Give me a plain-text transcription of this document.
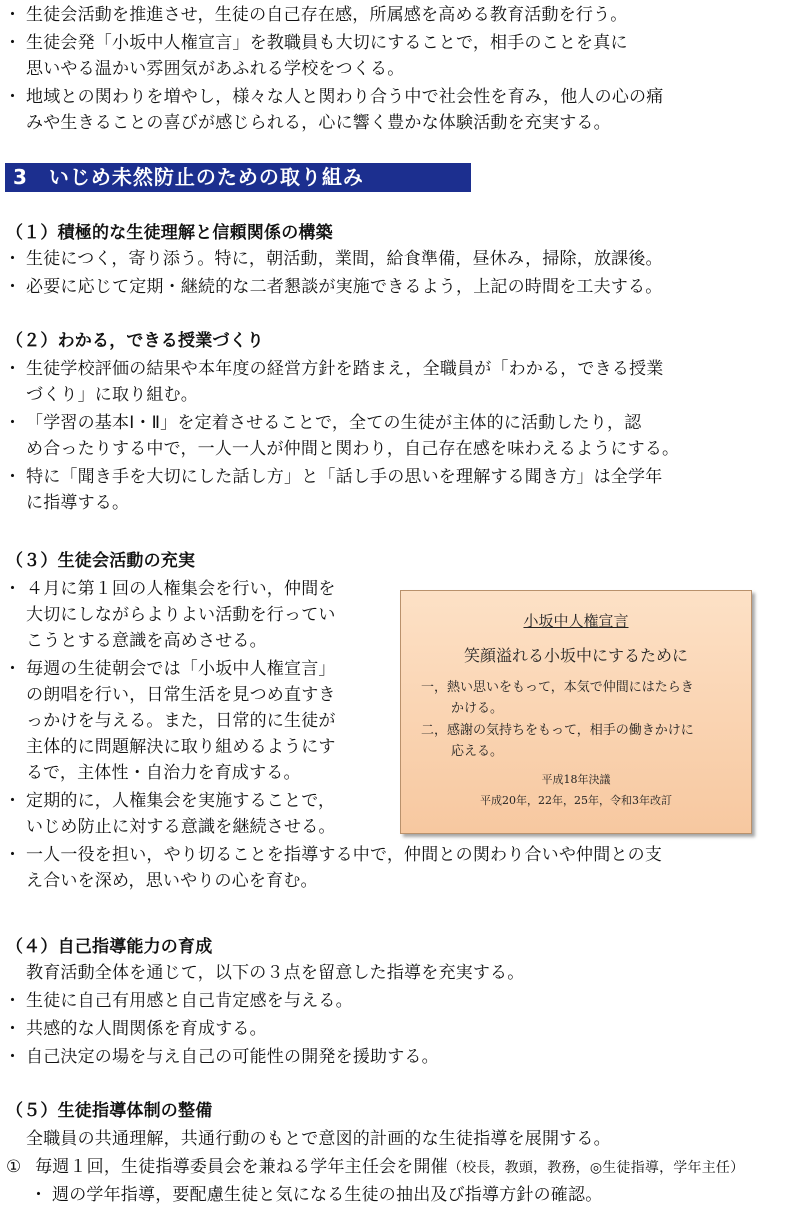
・ 生徒会活動を推進させ，生徒の自己存在感，所属感を高める教育活動を行う。
・ 生徒会発「小坂中人権宣言」を教職員も大切にすることで，相手のことを真に
思いやる温かい雰囲気があふれる学校をつくる。
・ 地域との関わりを増やし，様々な人と関わり合う中で社会性を育み，他人の心の痛
みや生きることの喜びが感じられる，心に響く豊かな体験活動を充実する。
3　いじめ未然防止のための取り組み
（１）積極的な生徒理解と信頼関係の構築
・ 生徒につく，寄り添う。特に，朝活動，業間，給食準備，昼休み，掃除，放課後。
・ 必要に応じて定期・継続的な二者懇談が実施できるよう，上記の時間を工夫する。
（２）わかる，できる授業づくり
・ 生徒学校評価の結果や本年度の経営方針を踏まえ，全職員が「わかる，できる授業
づくり」に取り組む。
・ 「学習の基本Ⅰ・Ⅱ」を定着させることで，全ての生徒が主体的に活動したり，認
め合ったりする中で，一人一人が仲間と関わり，自己存在感を味わえるようにする。
・ 特に「聞き手を大切にした話し方」と「話し手の思いを理解する聞き方」は全学年
に指導する。
（３）生徒会活動の充実
・ ４月に第１回の人権集会を行い，仲間を
大切にしながらよりよい活動を行ってい
こうとする意識を高めさせる。
・ 毎週の生徒朝会では「小坂中人権宣言」
の朗唱を行い，日常生活を見つめ直すき
っかけを与える。また，日常的に生徒が
主体的に問題解決に取り組めるようにす
るで，主体性・自治力を育成する。
・ 定期的に，人権集会を実施することで，
いじめ防止に対する意識を継続させる。
・ 一人一役を担い，やり切ることを指導する中で，仲間との関わり合いや仲間との支
え合いを深め，思いやりの心を育む。
小坂中人権宣言
笑顔溢れる小坂中にするために
一，熱い思いをもって，本気で仲間にはたらき
かける。
二，感謝の気持ちをもって，相手の働きかけに
応える。
平成18年決議
平成20年，22年，25年，令和3年改訂
（４）自己指導能力の育成
教育活動全体を通じて，以下の３点を留意した指導を充実する。
・ 生徒に自己有用感と自己肯定感を与える。
・ 共感的な人間関係を育成する。
・ 自己決定の場を与え自己の可能性の開発を援助する。
（５）生徒指導体制の整備
全職員の共通理解，共通行動のもとで意図的計画的な生徒指導を展開する。
① 毎週１回，生徒指導委員会を兼ねる学年主任会を開催（校長，教頭，教務，◎生徒指導，学年主任）
・ 週の学年指導，要配慮生徒と気になる生徒の抽出及び指導方針の確認。
